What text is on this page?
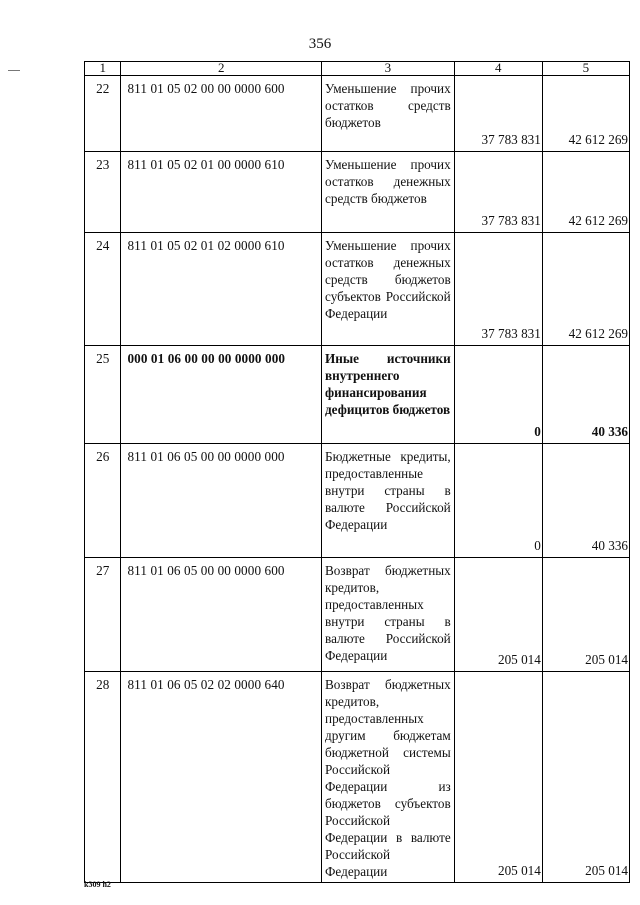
356
1	2	3	4	5
22	811 01 05 02 00 00 0000 600	Уменьшение прочих остатков средств бюджетов	37 783 831	42 612 269
23	811 01 05 02 01 00 0000 610	Уменьшение прочих остатков денежных средств бюджетов	37 783 831	42 612 269
24	811 01 05 02 01 02 0000 610	Уменьшение прочих остатков денежных средств бюджетов субъектов Российской Федерации	37 783 831	42 612 269
25	000 01 06 00 00 00 0000 000	Иные источники внутреннего финансирования дефицитов бюджетов	0	40 336
26	811 01 06 05 00 00 0000 000	Бюджетные кредиты, предоставленные внутри страны в валюте Российской Федерации	0	40 336
27	811 01 06 05 00 00 0000 600	Возврат бюджетных кредитов, предоставленных внутри страны в валюте Российской Федерации	205 014	205 014
28	811 01 06 05 02 02 0000 640	Возврат бюджетных кредитов, предоставленных другим бюджетам бюджетной системы Российской Федерации из бюджетов субъектов Российской Федерации в валюте Российской Федерации	205 014	205 014
k309 h2
